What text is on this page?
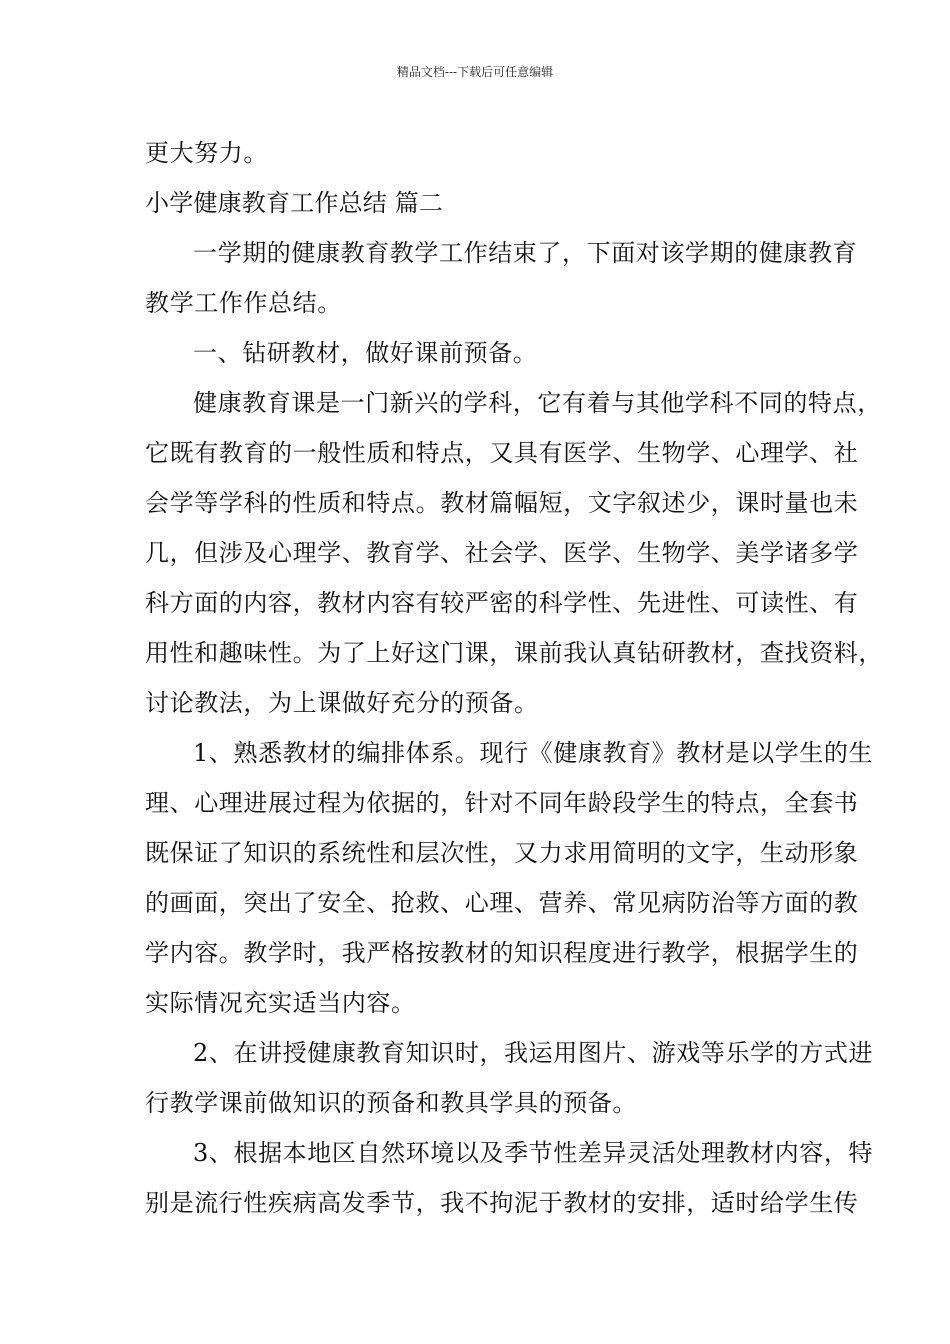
精品文档---下载后可任意编辑
更大努力。
小学健康教育工作总结 篇二
一学期的健康教育教学工作结束了，下面对该学期的健康教育
教学工作作总结。
一、钻研教材，做好课前预备。
健康教育课是一门新兴的学科，它有着与其他学科不同的特点，
它既有教育的一般性质和特点，又具有医学、生物学、心理学、社
会学等学科的性质和特点。教材篇幅短，文字叙述少，课时量也未
几，但涉及心理学、教育学、社会学、医学、生物学、美学诸多学
科方面的内容，教材内容有较严密的科学性、先进性、可读性、有
用性和趣味性。为了上好这门课，课前我认真钻研教材，查找资料，
讨论教法，为上课做好充分的预备。
1、熟悉教材的编排体系。现行《健康教育》教材是以学生的生
理、心理进展过程为依据的，针对不同年龄段学生的特点，全套书
既保证了知识的系统性和层次性，又力求用简明的文字，生动形象
的画面，突出了安全、抢救、心理、营养、常见病防治等方面的教
学内容。教学时，我严格按教材的知识程度进行教学，根据学生的
实际情况充实适当内容。
2、在讲授健康教育知识时，我运用图片、游戏等乐学的方式进
行教学课前做知识的预备和教具学具的预备。
3、根据本地区自然环境以及季节性差异灵活处理教材内容，特
别是流行性疾病高发季节，我不拘泥于教材的安排，适时给学生传
